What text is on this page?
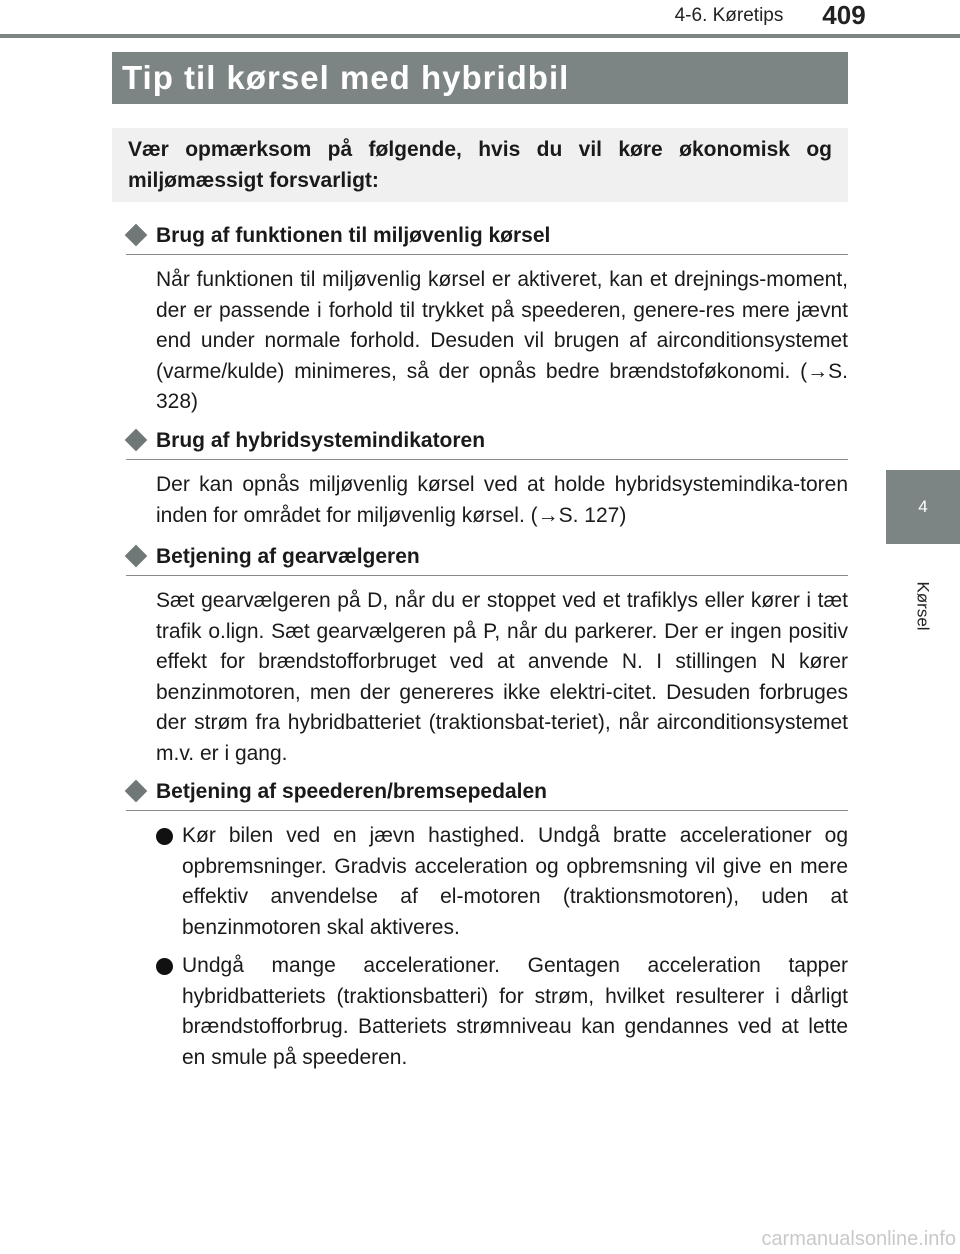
4-6. Køretips	409
4
Kørsel
Tip til kørsel med hybridbil
Vær opmærksom på følgende, hvis du vil køre økonomisk og miljømæssigt forsvarligt:
Brug af funktionen til miljøvenlig kørsel
Når funktionen til miljøvenlig kørsel er aktiveret, kan et drejnings-moment, der er passende i forhold til trykket på speederen, genere-res mere jævnt end under normale forhold. Desuden vil brugen af airconditionsystemet (varme/kulde) minimeres, så der opnås bedre brændstoføkonomi. (→S. 328)
Brug af hybridsystemindikatoren
Der kan opnås miljøvenlig kørsel ved at holde hybridsystemindika-toren inden for området for miljøvenlig kørsel. (→S. 127)
Betjening af gearvælgeren
Sæt gearvælgeren på D, når du er stoppet ved et trafiklys eller kører i tæt trafik o.lign. Sæt gearvælgeren på P, når du parkerer. Der er ingen positiv effekt for brændstofforbruget ved at anvende N. I stillingen N kører benzinmotoren, men der genereres ikke elektri-citet. Desuden forbruges der strøm fra hybridbatteriet (traktionsbat-teriet), når airconditionsystemet m.v. er i gang.
Betjening af speederen/bremsepedalen
Kør bilen ved en jævn hastighed. Undgå bratte accelerationer og opbremsninger. Gradvis acceleration og opbremsning vil give en mere effektiv anvendelse af el-motoren (traktionsmotoren), uden at benzinmotoren skal aktiveres.
Undgå mange accelerationer. Gentagen acceleration tapper hybridbatteriets (traktionsbatteri) for strøm, hvilket resulterer i dårligt brændstofforbrug. Batteriets strømniveau kan gendannes ved at lette en smule på speederen.
carmanualsonline.info
